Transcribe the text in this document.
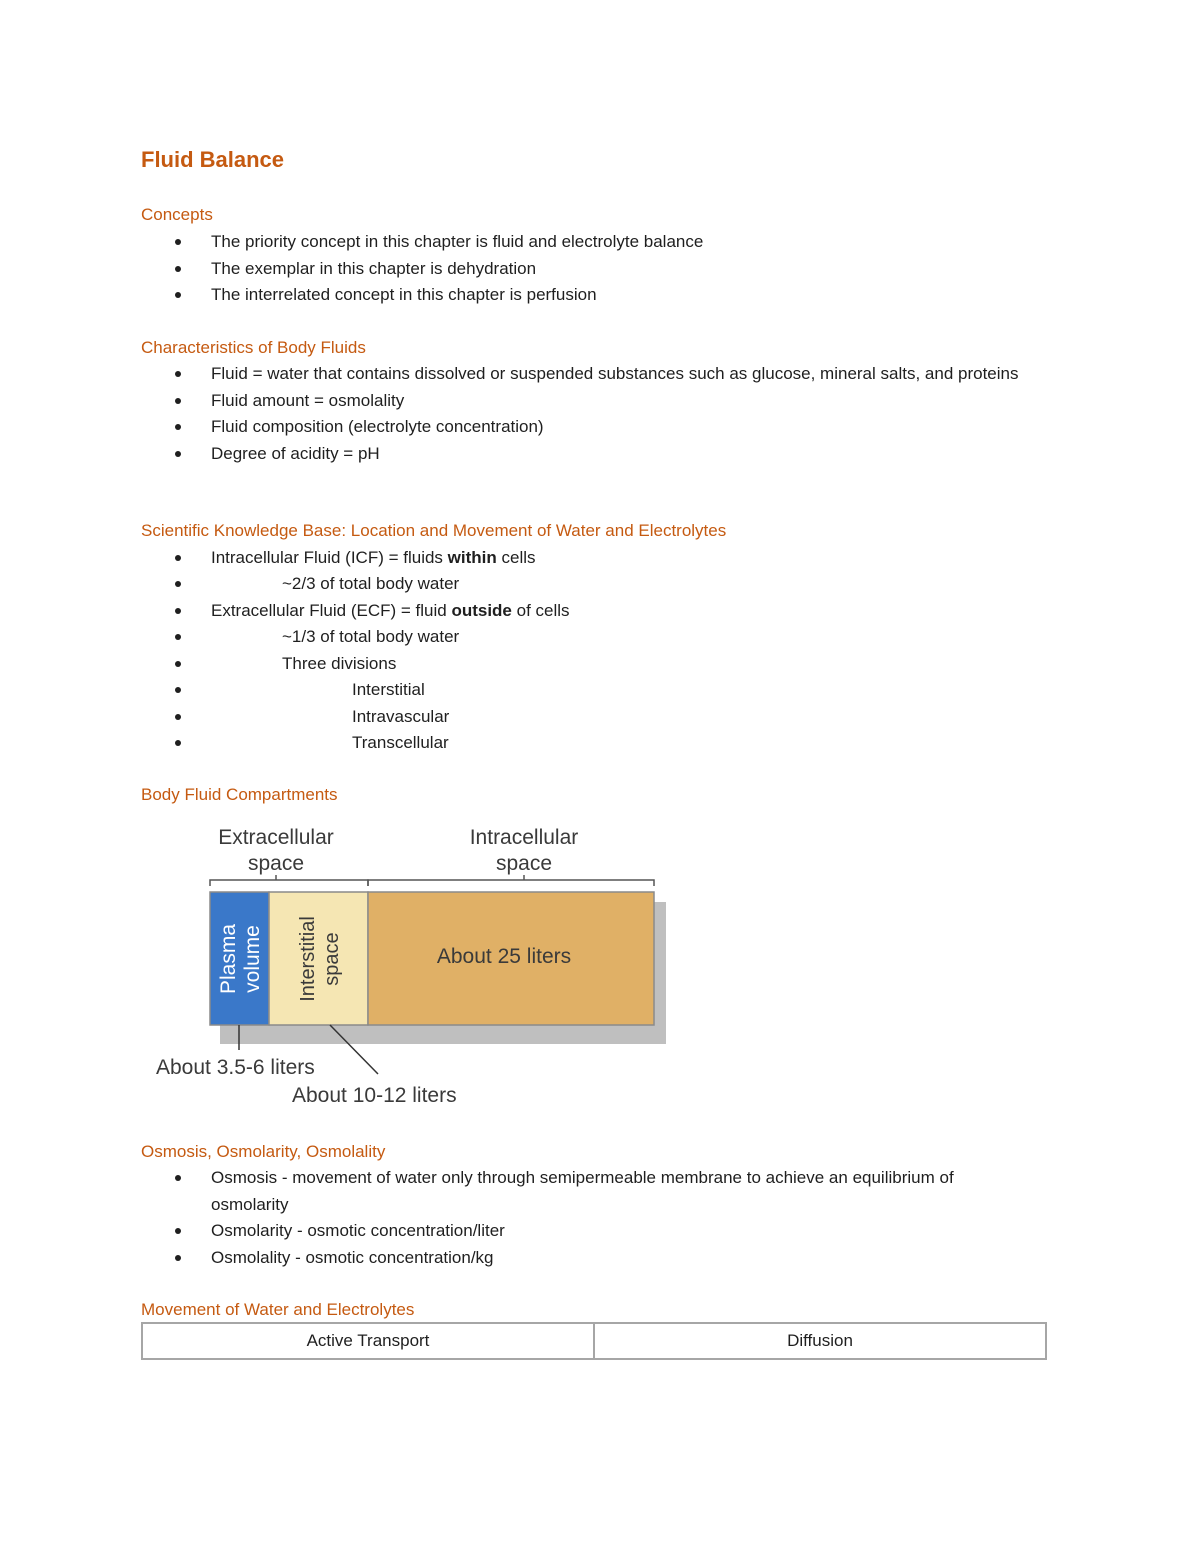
Fluid Balance
Concepts
The priority concept in this chapter is fluid and electrolyte balance
The exemplar in this chapter is dehydration
The interrelated concept in this chapter is perfusion
Characteristics of Body Fluids
Fluid = water that contains dissolved or suspended substances such as glucose, mineral salts, and proteins
Fluid amount = osmolality
Fluid composition (electrolyte concentration)
Degree of acidity = pH
Scientific Knowledge Base: Location and Movement of Water and Electrolytes
Intracellular Fluid (ICF) = fluids within cells
~2/3 of total body water
Extracellular Fluid (ECF) = fluid outside of cells
~1/3 of total body water
Three divisions
Interstitial
Intravascular
Transcellular
Body Fluid Compartments
Extracellular
space
Intracellular
space
Plasma volume Interstitial space	About 25 liters
About 3.5-6 liters
About 10-12 liters
Osmosis, Osmolarity, Osmolality
Osmosis - movement of water only through semipermeable membrane to achieve an equilibrium of osmolarity
Osmolarity - osmotic concentration/liter
Osmolality - osmotic concentration/kg
Movement of Water and Electrolytes
Active Transport	Diffusion
